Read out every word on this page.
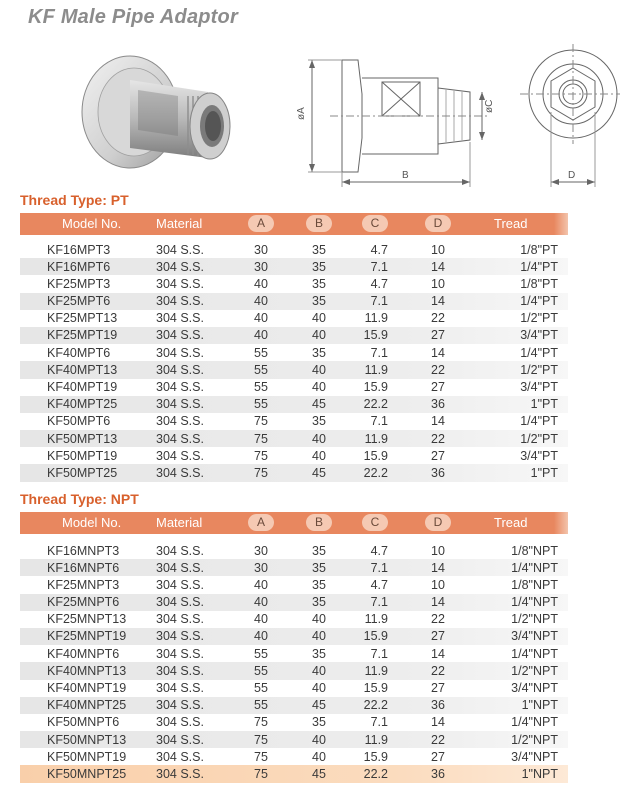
KF Male Pipe Adaptor
øA
B
øC
D
Thread Type: PT
Model No.	Material	A	B	C	D	Tread
KF16MPT3	304 S.S.	30	35	4.7	10	1/8"PT
KF16MPT6	304 S.S.	30	35	7.1	14	1/4"PT
KF25MPT3	304 S.S.	40	35	4.7	10	1/8"PT
KF25MPT6	304 S.S.	40	35	7.1	14	1/4"PT
KF25MPT13	304 S.S.	40	40	11.9	22	1/2"PT
KF25MPT19	304 S.S.	40	40	15.9	27	3/4"PT
KF40MPT6	304 S.S.	55	35	7.1	14	1/4"PT
KF40MPT13	304 S.S.	55	40	11.9	22	1/2"PT
KF40MPT19	304 S.S.	55	40	15.9	27	3/4"PT
KF40MPT25	304 S.S.	55	45	22.2	36	1"PT
KF50MPT6	304 S.S.	75	35	7.1	14	1/4"PT
KF50MPT13	304 S.S.	75	40	11.9	22	1/2"PT
KF50MPT19	304 S.S.	75	40	15.9	27	3/4"PT
KF50MPT25	304 S.S.	75	45	22.2	36	1"PT
Thread Type: NPT
Model No.	Material	A	B	C	D	Tread
KF16MNPT3	304 S.S.	30	35	4.7	10	1/8"NPT
KF16MNPT6	304 S.S.	30	35	7.1	14	1/4"NPT
KF25MNPT3	304 S.S.	40	35	4.7	10	1/8"NPT
KF25MNPT6	304 S.S.	40	35	7.1	14	1/4"NPT
KF25MNPT13 304 S.S.	40	40	11.9	22	1/2"NPT
KF25MNPT19 304 S.S.	40	40	15.9	27	3/4"NPT
KF40MNPT6	304 S.S.	55	35	7.1	14	1/4"NPT
KF40MNPT13 304 S.S.	55	40	11.9	22	1/2"NPT
KF40MNPT19 304 S.S.	55	40	15.9	27	3/4"NPT
KF40MNPT25 304 S.S.	55	45	22.2	36	1"NPT
KF50MNPT6	304 S.S.	75	35	7.1	14	1/4"NPT
KF50MNPT13 304 S.S.	75	40	11.9	22	1/2"NPT
KF50MNPT19 304 S.S.	75	40	15.9	27	3/4"NPT
KF50MNPT25 304 S.S.	75	45	22.2	36	1"NPT
